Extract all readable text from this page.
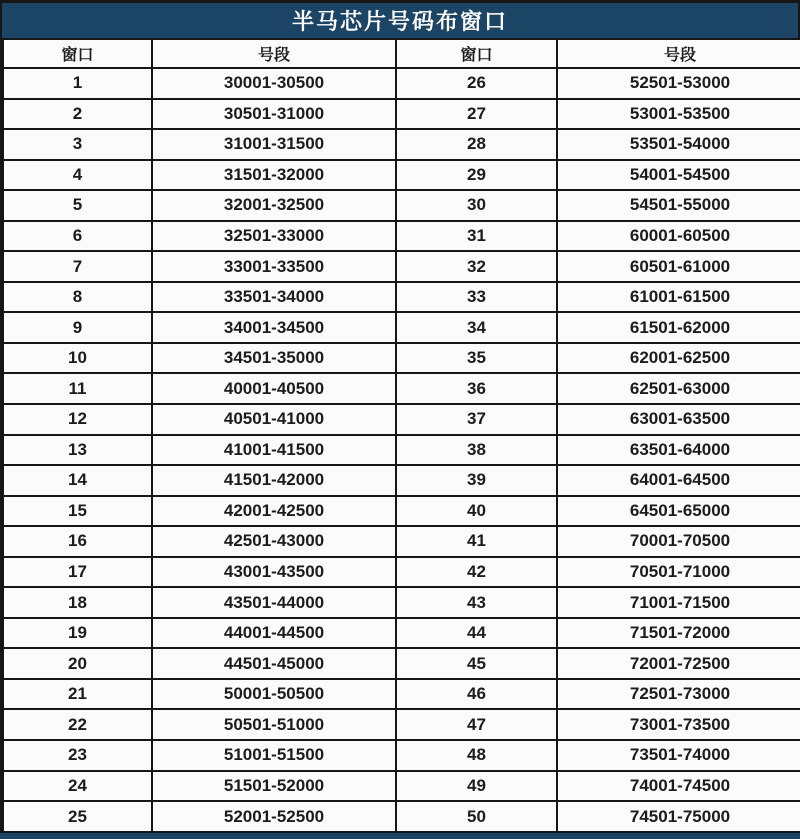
半马芯片号码布窗口
窗口	号段	窗口	号段
1	30001-30500	26	52501-53000
2	30501-31000	27	53001-53500
3	31001-31500	28	53501-54000
4	31501-32000	29	54001-54500
5	32001-32500	30	54501-55000
6	32501-33000	31	60001-60500
7	33001-33500	32	60501-61000
8	33501-34000	33	61001-61500
9	34001-34500	34	61501-62000
10	34501-35000	35	62001-62500
11	40001-40500	36	62501-63000
12	40501-41000	37	63001-63500
13	41001-41500	38	63501-64000
14	41501-42000	39	64001-64500
15	42001-42500	40	64501-65000
16	42501-43000	41	70001-70500
17	43001-43500	42	70501-71000
18	43501-44000	43	71001-71500
19	44001-44500	44	71501-72000
20	44501-45000	45	72001-72500
21	50001-50500	46	72501-73000
22	50501-51000	47	73001-73500
23	51001-51500	48	73501-74000
24	51501-52000	49	74001-74500
25	52001-52500	50	74501-75000
